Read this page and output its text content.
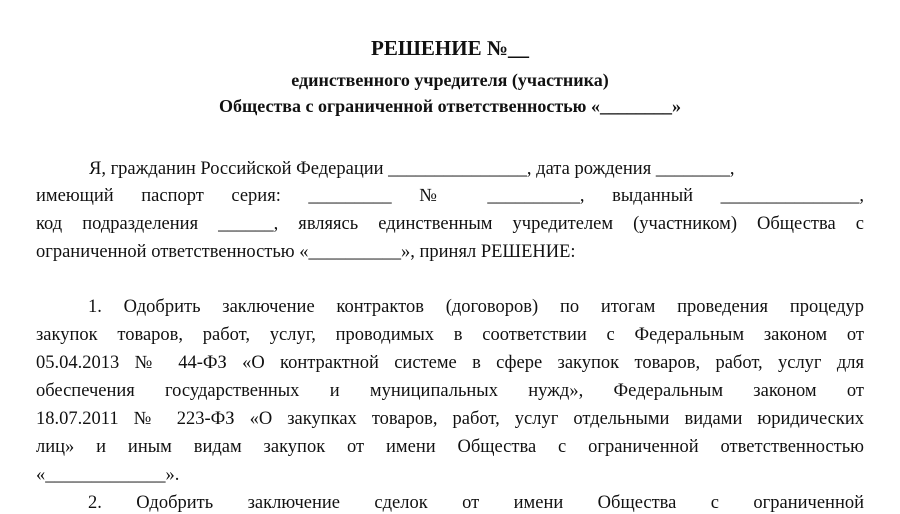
РЕШЕНИЕ №__
единственного учредителя (участника)
Общества с ограниченной ответственностью «________»
Я, гражданин Российской Федерации _______________, дата рождения ________,
имеющий паспорт серия: _________ № __________, выданный _______________,
код подразделения ______, являясь единственным учредителем (участником) Общества с
ограниченной ответственностью «__________», принял РЕШЕНИЕ:
1. Одобрить заключение контрактов (договоров) по итогам проведения процедур
закупок товаров, работ, услуг, проводимых в соответствии с Федеральным законом от
05.04.2013 № 44-ФЗ «О контрактной системе в сфере закупок товаров, работ, услуг для
обеспечения государственных и муниципальных нужд», Федеральным законом от
18.07.2011 № 223-ФЗ «О закупках товаров, работ, услуг отдельными видами юридических
лиц» и иным видам закупок от имени Общества с ограниченной ответственностью
«_____________».
2. Одобрить заключение сделок от имени Общества с ограниченной
